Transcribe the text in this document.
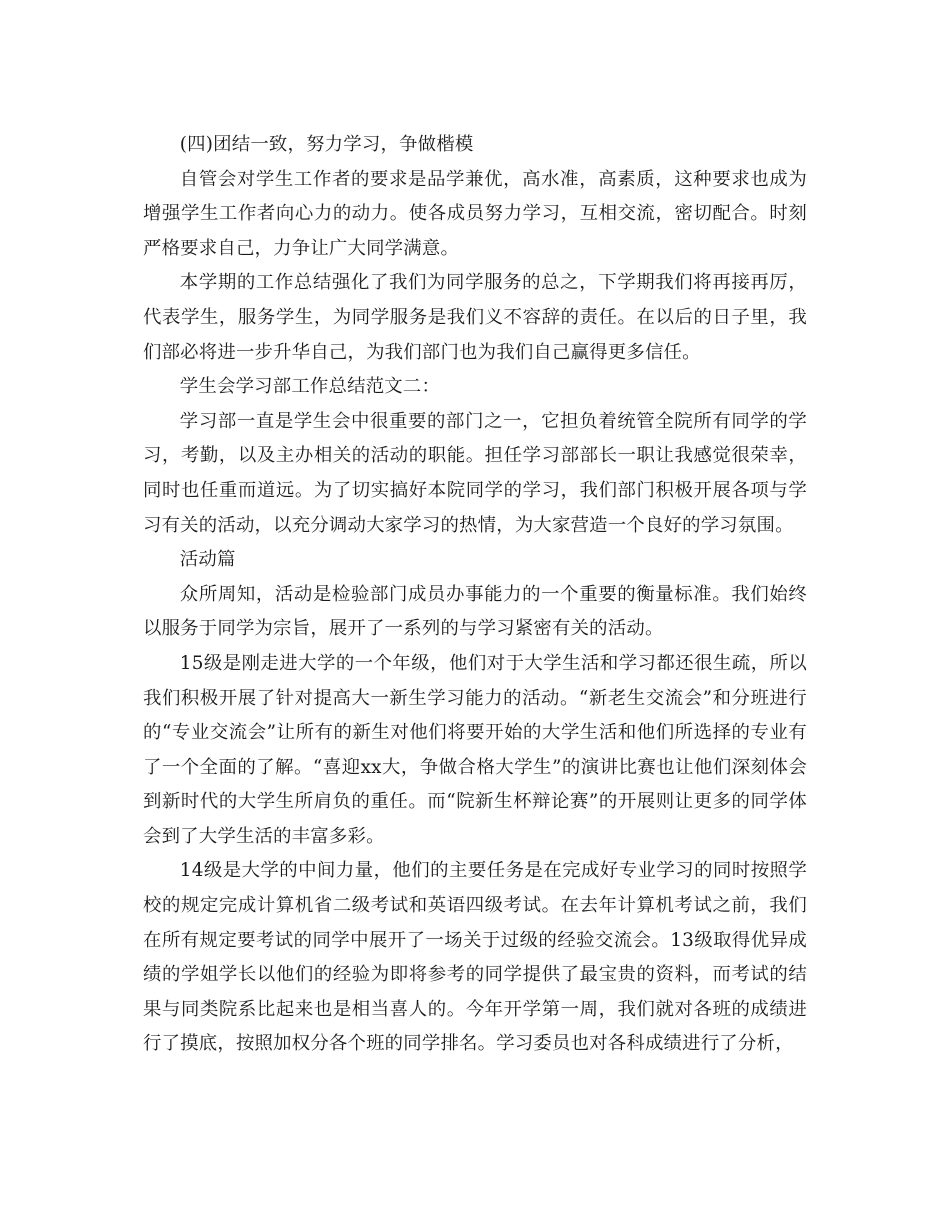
(四)团结一致，努力学习，争做楷模

自管会对学生工作者的要求是品学兼优，高水准，高素质，这种要求也成为增强学生工作者向心力的动力。使各成员努力学习，互相交流，密切配合。时刻严格要求自己，力争让广大同学满意。

本学期的工作总结强化了我们为同学服务的总之，下学期我们将再接再厉，代表学生，服务学生，为同学服务是我们义不容辞的责任。在以后的日子里，我们部必将进一步升华自己，为我们部门也为我们自己赢得更多信任。

学生会学习部工作总结范文二：

学习部一直是学生会中很重要的部门之一，它担负着统管全院所有同学的学习，考勤，以及主办相关的活动的职能。担任学习部部长一职让我感觉很荣幸，同时也任重而道远。为了切实搞好本院同学的学习，我们部门积极开展各项与学习有关的活动，以充分调动大家学习的热情，为大家营造一个良好的学习氛围。

活动篇

众所周知，活动是检验部门成员办事能力的一个重要的衡量标准。我们始终以服务于同学为宗旨，展开了一系列的与学习紧密有关的活动。

15级是刚走进大学的一个年级，他们对于大学生活和学习都还很生疏，所以我们积极开展了针对提高大一新生学习能力的活动。“新老生交流会”和分班进行的“专业交流会”让所有的新生对他们将要开始的大学生活和他们所选择的专业有了一个全面的了解。“喜迎xx大，争做合格大学生”的演讲比赛也让他们深刻体会到新时代的大学生所肩负的重任。而“院新生杯辩论赛”的开展则让更多的同学体会到了大学生活的丰富多彩。

14级是大学的中间力量，他们的主要任务是在完成好专业学习的同时按照学校的规定完成计算机省二级考试和英语四级考试。在去年计算机考试之前，我们在所有规定要考试的同学中展开了一场关于过级的经验交流会。13级取得优异成绩的学姐学长以他们的经验为即将参考的同学提供了最宝贵的资料，而考试的结果与同类院系比起来也是相当喜人的。今年开学第一周，我们就对各班的成绩进行了摸底，按照加权分各个班的同学排名。学习委员也对各科成绩进行了分析，
